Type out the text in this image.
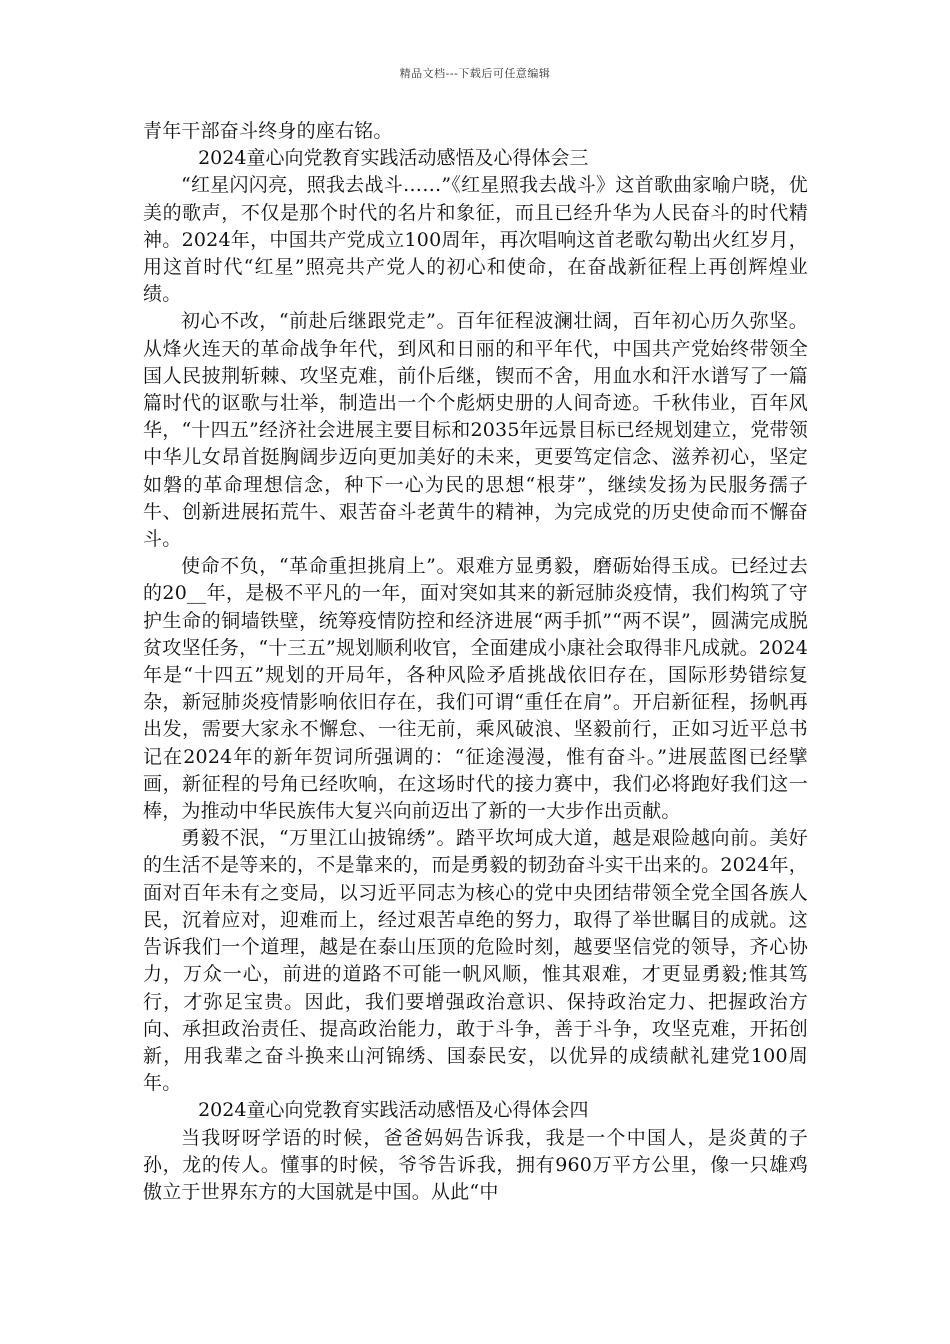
精品文档---下载后可任意编辑

青年干部奋斗终身的座右铭。

2024童心向党教育实践活动感悟及心得体会三

“红星闪闪亮，照我去战斗……”《红星照我去战斗》这首歌曲家喻户晓，优美的歌声，不仅是那个时代的名片和象征，而且已经升华为人民奋斗的时代精神。2024年，中国共产党成立100周年，再次唱响这首老歌勾勒出火红岁月，用这首时代“红星”照亮共产党人的初心和使命，在奋战新征程上再创辉煌业绩。

初心不改，“前赴后继跟党走”。百年征程波澜壮阔，百年初心历久弥坚。从烽火连天的革命战争年代，到风和日丽的和平年代，中国共产党始终带领全国人民披荆斩棘、攻坚克难，前仆后继，锲而不舍，用血水和汗水谱写了一篇篇时代的讴歌与壮举，制造出一个个彪炳史册的人间奇迹。千秋伟业，百年风华，“十四五”经济社会进展主要目标和2035年远景目标已经规划建立，党带领中华儿女昂首挺胸阔步迈向更加美好的未来，更要笃定信念、滋养初心，坚定如磐的革命理想信念，种下一心为民的思想“根芽”，继续发扬为民服务孺子牛、创新进展拓荒牛、艰苦奋斗老黄牛的精神，为完成党的历史使命而不懈奋斗。

使命不负，“革命重担挑肩上”。艰难方显勇毅，磨砺始得玉成。已经过去的20__年，是极不平凡的一年，面对突如其来的新冠肺炎疫情，我们构筑了守护生命的铜墙铁壁，统筹疫情防控和经济进展“两手抓”“两不误”，圆满完成脱贫攻坚任务，“十三五”规划顺利收官，全面建成小康社会取得非凡成就。2024年是“十四五”规划的开局年，各种风险矛盾挑战依旧存在，国际形势错综复杂，新冠肺炎疫情影响依旧存在，我们可谓“重任在肩”。开启新征程，扬帆再出发，需要大家永不懈怠、一往无前，乘风破浪、坚毅前行，正如习近平总书记在2024年的新年贺词所强调的：“征途漫漫，惟有奋斗。”进展蓝图已经擘画，新征程的号角已经吹响，在这场时代的接力赛中，我们必将跑好我们这一棒，为推动中华民族伟大复兴向前迈出了新的一大步作出贡献。

勇毅不泯，“万里江山披锦绣”。踏平坎坷成大道，越是艰险越向前。美好的生活不是等来的，不是靠来的，而是勇毅的韧劲奋斗实干出来的。2024年，面对百年未有之变局，以习近平同志为核心的党中央团结带领全党全国各族人民，沉着应对，迎难而上，经过艰苦卓绝的努力，取得了举世瞩目的成就。这告诉我们一个道理，越是在泰山压顶的危险时刻，越要坚信党的领导，齐心协力，万众一心，前进的道路不可能一帆风顺，惟其艰难，才更显勇毅;惟其笃行，才弥足宝贵。因此，我们要增强政治意识、保持政治定力、把握政治方向、承担政治责任、提高政治能力，敢于斗争，善于斗争，攻坚克难，开拓创新，用我辈之奋斗换来山河锦绣、国泰民安，以优异的成绩献礼建党100周年。

2024童心向党教育实践活动感悟及心得体会四

当我呀呀学语的时候，爸爸妈妈告诉我，我是一个中国人，是炎黄的子孙，龙的传人。懂事的时候，爷爷告诉我，拥有960万平方公里，像一只雄鸡傲立于世界东方的大国就是中国。从此“中
